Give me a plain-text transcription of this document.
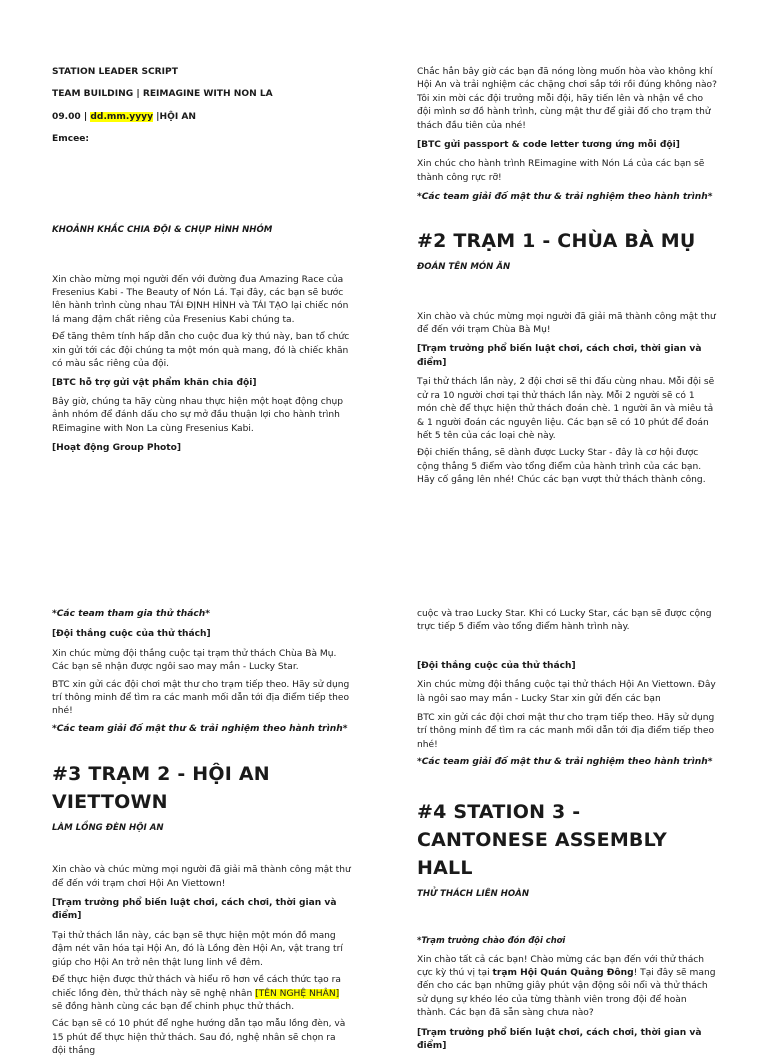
STATION LEADER SCRIPT

TEAM BUILDING | REIMAGINE WITH NON LA

09.00 | dd.mm.yyyy |HỘI AN

Emcee:

KHOẢNH KHẮC CHIA ĐỘI & CHỤP HÌNH NHÓM

Xin chào mừng mọi người đến với đường đua Amazing Race của Fresenius Kabi - The Beauty of Nón Lá. Tại đây, các bạn sẽ bước lên hành trình cùng nhau TÁI ĐỊNH HÌNH và TÁI TẠO lại chiếc nón lá mang đậm chất riêng của Fresenius Kabi chúng ta.

Để tăng thêm tính hấp dẫn cho cuộc đua kỳ thú này, ban tổ chức xin gửi tới các đội chúng ta một món quà mang, đó là chiếc khăn có màu sắc riêng của đội.

[BTC hỗ trợ gửi vật phẩm khăn chia đội]

Bây giờ, chúng ta hãy cùng nhau thực hiện một hoạt động chụp ảnh nhóm để đánh dấu cho sự mở đầu thuận lợi cho hành trình REimagine with Non La cùng Fresenius Kabi.

[Hoạt động Group Photo]

Chắc hẳn bây giờ các bạn đã nóng lòng muốn hòa vào không khí Hội An và trải nghiệm các chặng chơi sắp tới rồi đúng không nào? Tôi xin mời các đội trưởng mỗi đội, hãy tiến lên và nhận về cho đội mình sơ đồ hành trình, cùng mật thư để giải đố cho trạm thử thách đầu tiên của nhé!

[BTC gửi passport & code letter tương ứng mỗi đội]

Xin chúc cho hành trình REimagine with Nón Lá của các bạn sẽ thành công rực rỡ!

*Các team giải đố mật thư & trải nghiệm theo hành trình*

#2 TRẠM 1 - CHÙA BÀ MỤ

ĐOÁN TÊN MÓN ĂN

Xin chào và chúc mừng mọi người đã giải mã thành công mật thư để đến với trạm Chùa Bà Mụ!

[Trạm trưởng phổ biến luật chơi, cách chơi, thời gian và điểm]

Tại thử thách lần này, 2 đội chơi sẽ thi đấu cùng nhau. Mỗi đội sẽ cử ra 10 người chơi tại thử thách lần này. Mỗi 2 người sẽ có 1 món chè để thực hiện thử thách đoán chè. 1 người ăn và miêu tả & 1 người đoán các nguyên liệu. Các bạn sẽ có 10 phút để đoán hết 5 tên của các loại chè này.

Đội chiến thắng, sẽ dành được Lucky Star - đây là cơ hội được cộng thẳng 5 điểm vào tổng điểm của hành trình của các bạn. Hãy cố gắng lên nhé! Chúc các bạn vượt thử thách thành công.

*Các team tham gia thử thách*

[Đội thắng cuộc của thử thách]

Xin chúc mừng đội thắng cuộc tại trạm thử thách Chùa Bà Mụ. Các bạn sẽ nhận được ngôi sao may mắn - Lucky Star.

BTC xin gửi các đội chơi mật thư cho trạm tiếp theo. Hãy sử dụng trí thông minh để tìm ra các manh mối dẫn tới địa điểm tiếp theo nhé!

*Các team giải đố mật thư & trải nghiệm theo hành trình*

#3 TRẠM 2 - HỘI AN VIETTOWN

LÀM LỒNG ĐÈN HỘI AN

Xin chào và chúc mừng mọi người đã giải mã thành công mật thư để đến với trạm chơi Hội An Viettown!

[Trạm trưởng phổ biến luật chơi, cách chơi, thời gian và điểm]

Tại thử thách lần này, các bạn sẽ thực hiện một món đồ mang đậm nét văn hóa tại Hội An, đó là Lồng đèn Hội An, vật trang trí giúp cho Hội An trở nên thật lung linh về đêm.

Để thực hiện được thử thách và hiểu rõ hơn về cách thức tạo ra chiếc lồng đèn, thử thách này sẽ nghệ nhân [TÊN NGHỆ NHÂN] sẽ đồng hành cùng các bạn để chinh phục thử thách.

Các bạn sẽ có 10 phút để nghe hướng dẫn tạo mẫu lồng đèn, và 15 phút để thực hiện thử thách. Sau đó, nghệ nhân sẽ chọn ra đội thắng

cuộc và trao Lucky Star. Khi có Lucky Star, các bạn sẽ được cộng trực tiếp 5 điểm vào tổng điểm hành trình này.

[Đội thắng cuộc của thử thách]

Xin chúc mừng đội thắng cuộc tại thử thách Hội An Viettown. Đây là ngôi sao may mắn - Lucky Star xin gửi đến các bạn

BTC xin gửi các đội chơi mật thư cho trạm tiếp theo. Hãy sử dụng trí thông minh để tìm ra các manh mối dẫn tới địa điểm tiếp theo nhé!

*Các team giải đố mật thư & trải nghiệm theo hành trình*

#4 STATION 3 - CANTONESE ASSEMBLY HALL

THỬ THÁCH LIÊN HOÀN

*Trạm trưởng chào đón đội chơi

Xin chào tất cả các bạn! Chào mừng các bạn đến với thử thách cực kỳ thú vị tại trạm Hội Quán Quảng Đông! Tại đây sẽ mang đến cho các bạn những giây phút vận động sôi nổi và thử thách sử dụng sự khéo léo của từng thành viên trong đội để hoàn thành. Các bạn đã sẵn sàng chưa nào?

[Trạm trưởng phổ biến luật chơi, cách chơi, thời gian và điểm]
